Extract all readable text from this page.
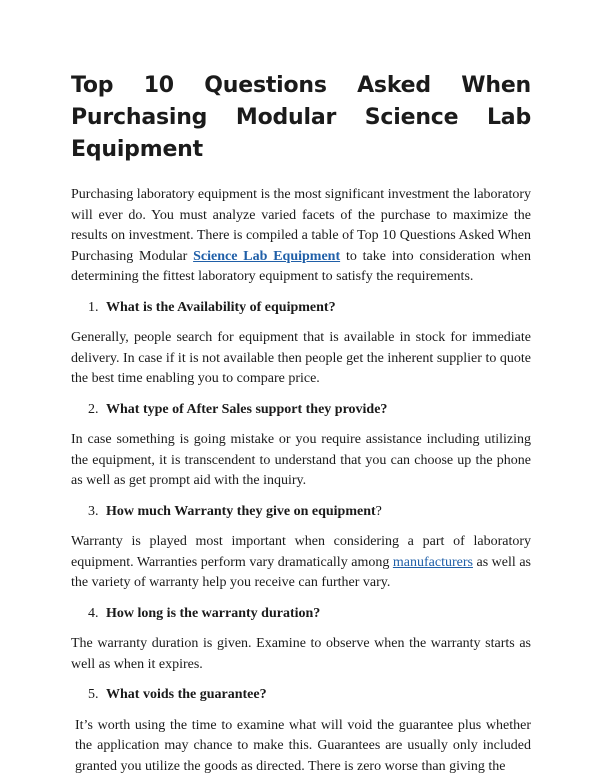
Top 10 Questions Asked When Purchasing Modular Science Lab Equipment

Purchasing laboratory equipment is the most significant investment the laboratory will ever do. You must analyze varied facets of the purchase to maximize the results on investment. There is compiled a table of Top 10 Questions Asked When Purchasing Modular Science Lab Equipment to take into consideration when determining the fittest laboratory equipment to satisfy the requirements.

1. What is the Availability of equipment?

Generally, people search for equipment that is available in stock for immediate delivery. In case if it is not available then people get the inherent supplier to quote the best time enabling you to compare price.

2. What type of After Sales support they provide?

In case something is going mistake or you require assistance including utilizing the equipment, it is transcendent to understand that you can choose up the phone as well as get prompt aid with the inquiry.

3. How much Warranty they give on equipment?

Warranty is played most important when considering a part of laboratory equipment. Warranties perform vary dramatically among manufacturers as well as the variety of warranty help you receive can further vary.

4. How long is the warranty duration?

The warranty duration is given. Examine to observe when the warranty starts as well as when it expires.

5. What voids the guarantee?

It’s worth using the time to examine what will void the guarantee plus whether the application may chance to make this. Guarantees are usually only included granted you utilize the goods as directed. There is zero worse than giving the
